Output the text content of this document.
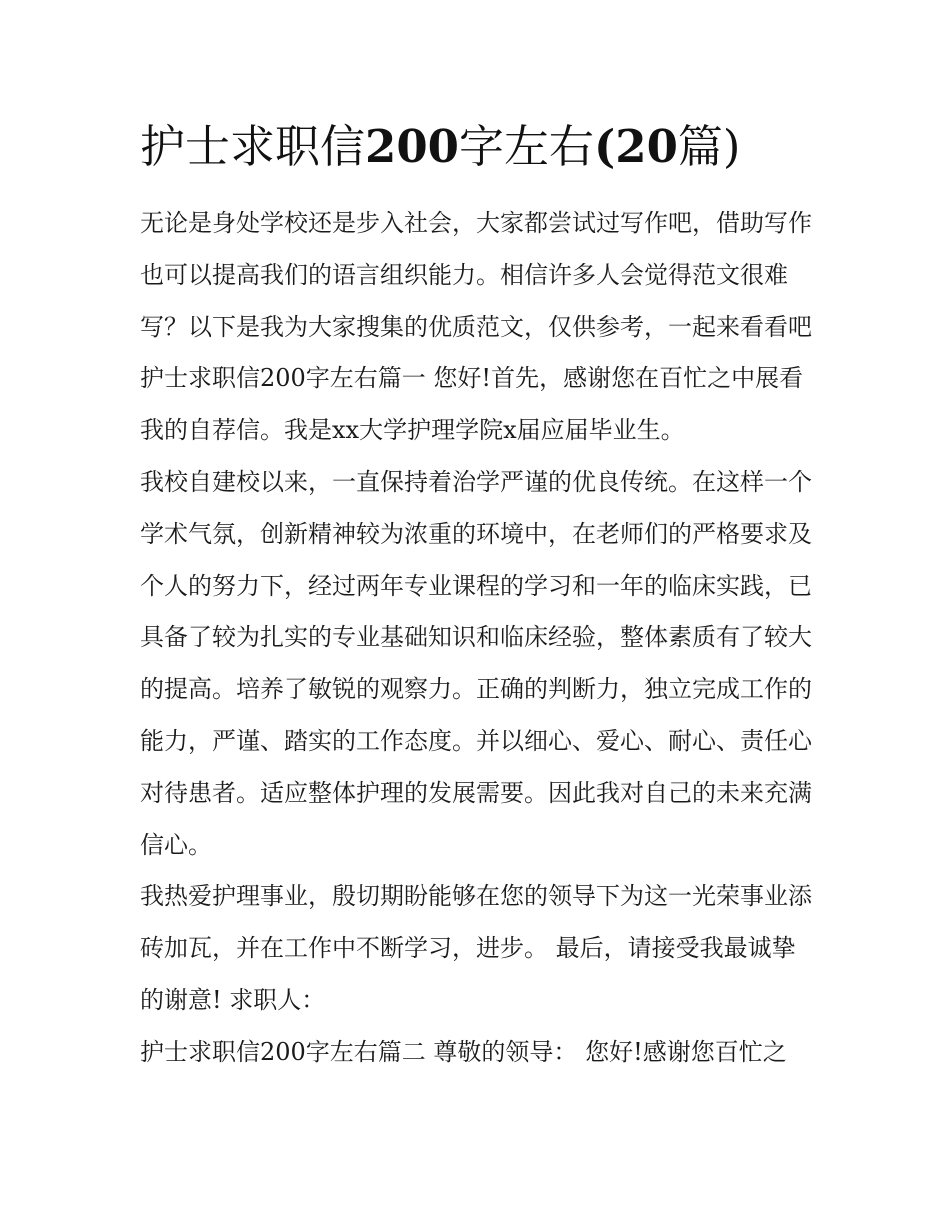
护士求职信200字左右(20篇)

无论是身处学校还是步入社会，大家都尝试过写作吧，借助写作也可以提高我们的语言组织能力。相信许多人会觉得范文很难写？以下是我为大家搜集的优质范文，仅供参考，一起来看看吧

护士求职信200字左右篇一 您好!首先，感谢您在百忙之中展看我的自荐信。我是xx大学护理学院x届应届毕业生。

我校自建校以来，一直保持着治学严谨的优良传统。在这样一个学术气氛，创新精神较为浓重的环境中，在老师们的严格要求及个人的努力下，经过两年专业课程的学习和一年的临床实践，已具备了较为扎实的专业基础知识和临床经验，整体素质有了较大的提高。培养了敏锐的观察力。正确的判断力，独立完成工作的能力，严谨、踏实的工作态度。并以细心、爱心、耐心、责任心对待患者。适应整体护理的发展需要。因此我对自己的未来充满信心。

我热爱护理事业，殷切期盼能够在您的领导下为这一光荣事业添砖加瓦，并在工作中不断学习，进步。 最后，请接受我最诚挚的谢意! 求职人：

护士求职信200字左右篇二 尊敬的领导： 您好!感谢您百忙之
